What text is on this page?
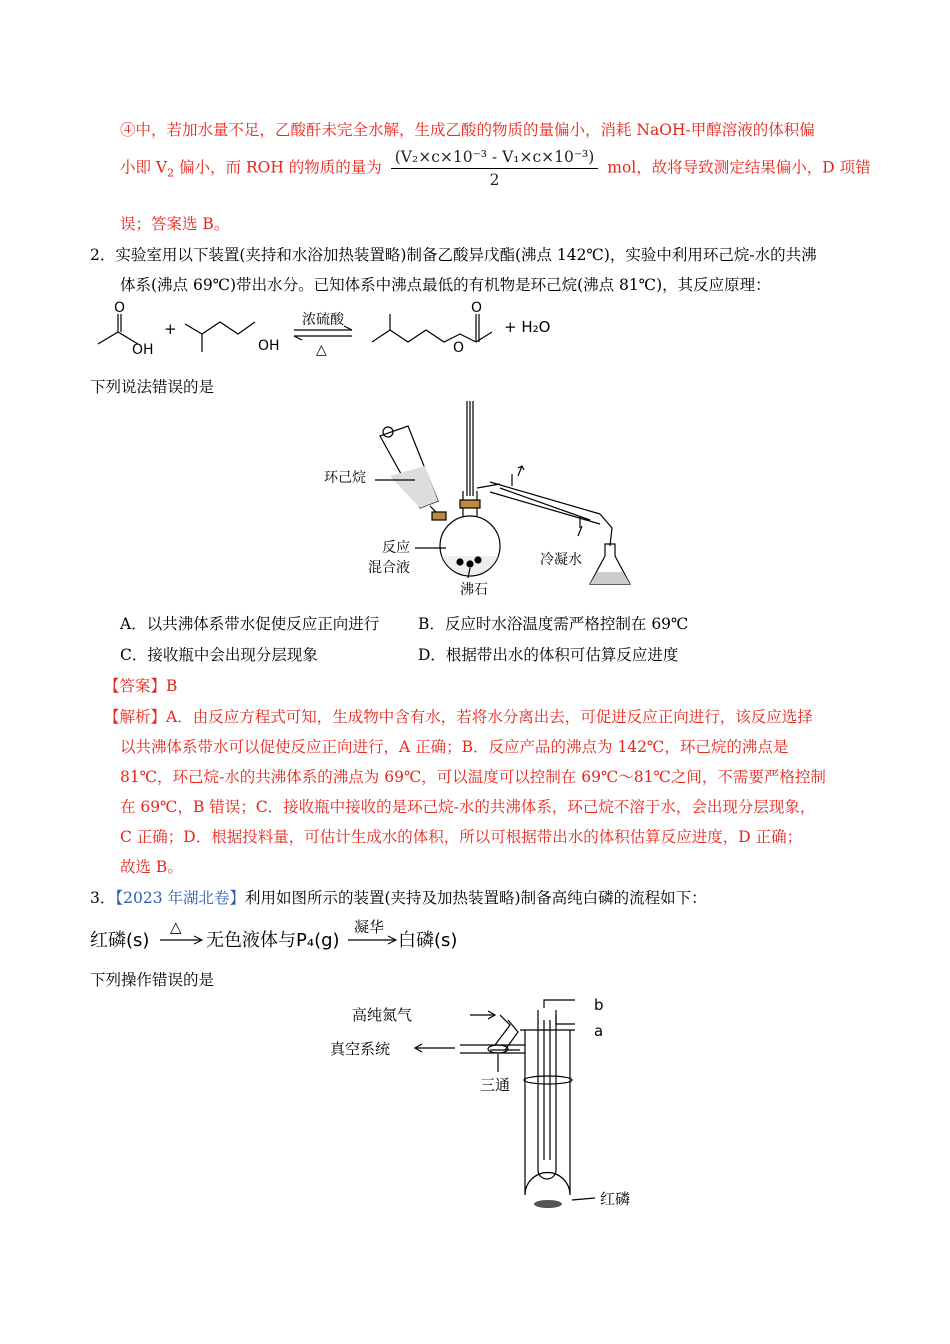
④中，若加水量不足，乙酸酐未完全水解，生成乙酸的物质的量偏小，消耗 NaOH-甲醇溶液的体积偏
小即 $V_2$ 偏小，而 ROH 的物质的量为 $\frac{\text{(V₂×c×10⁻³ - V₁×c×10⁻³)}}{2}$ mol，故将导致测定结果偏小，D 项错
误；答案选 B。
2．实验室用以下装置(夹持和水浴加热装置略)制备乙酸异戊酯(沸点 142℃)，实验中利用环己烷-水的共沸
体系(沸点 69℃)带出水分。已知体系中沸点最低的有机物是环己烷(沸点 81℃)，其反应原理：
O
OH
+
OH
浓硫酸
△	O
O
+ H₂O
下列说法错误的是
环己烷
反应
混合液
沸石
冷凝水
A．以共沸体系带水促使反应正向进行	B．反应时水浴温度需严格控制在 69℃
C．接收瓶中会出现分层现象	D．根据带出水的体积可估算反应进度
【答案】B
【解析】A．由反应方程式可知，生成物中含有水，若将水分离出去，可促进反应正向进行，该反应选择
以共沸体系带水可以促使反应正向进行，A 正确；B．反应产品的沸点为 142℃，环己烷的沸点是
81℃，环己烷-水的共沸体系的沸点为 69℃，可以温度可以控制在 69℃～81℃之间，不需要严格控制
在 69℃，B 错误；C．接收瓶中接收的是环己烷-水的共沸体系，环己烷不溶于水，会出现分层现象，
C 正确；D．根据投料量，可估计生成水的体积，所以可根据带出水的体积估算反应进度，D 正确；
故选 B。
3．【2023 年湖北卷】利用如图所示的装置(夹持及加热装置略)制备高纯白磷的流程如下：
红磷(s)
△
无色液体与P₄(g)
凝华
白磷(s)
下列操作错误的是
高纯氮气
真空系统
三通
b
a
红磷
